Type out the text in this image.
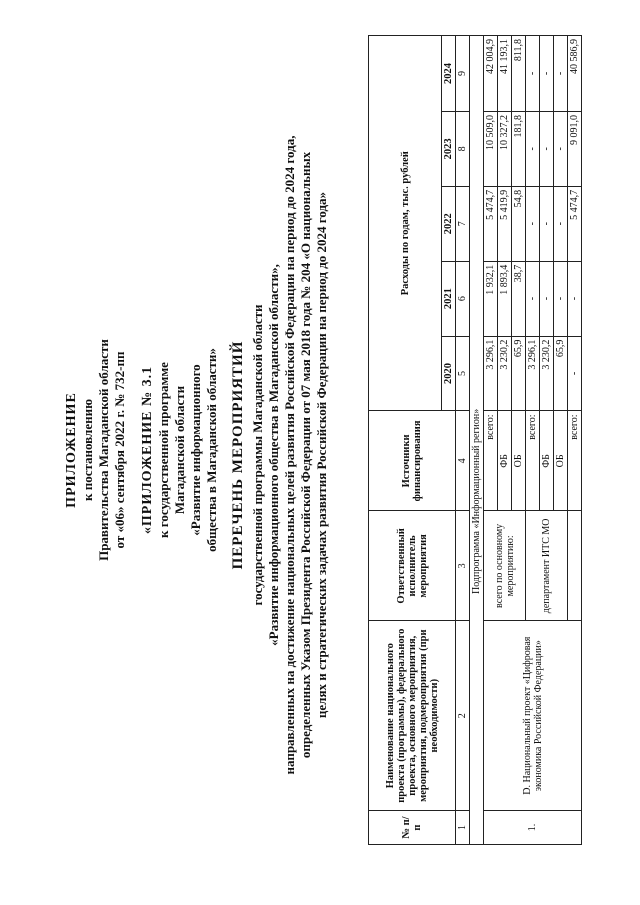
ПРИЛОЖЕНИЕ к постановлению Правительства Магаданской области от «06» сентября 2022 г. № 732-пп «ПРИЛОЖЕНИЕ № 3.1 к государственной программе Магаданской области «Развитие информационного общества в Магаданской области» ПЕРЕЧЕНЬ МЕРОПРИЯТИЙ государственной программы Магаданской области «Развитие информационного общества в Магаданской области», направленных на достижение национальных целей развития Российской Федерации на период до 2024 года, определенных Указом Президента Российской Федерации от 07 мая 2018 года № 204 «О национальных целях и стратегических задачах развития Российской Федерации на период до 2024 года»
№ п/п	Наименование национального проекта (программы), федерального проекта, основного мероприятия, мероприятия, подмероприятия (при необходимости)	Ответственный исполнитель мероприятия	Источники финансирования	Расходы по годам, тыс. рублей				
				2020	2021	2022	2023	2024
1	2	3	4	5	6	7	8	9
Подпрограмма «Информационный регион»								
1.	D. Национальный проект «Цифровая экономика Российской Федерации»	всего по основному мероприятию:	всего:	3 296,1	1 932,1	5 474,7	10 509,0	42 004,9
			ФБ	3 230,2	1 893,4	5 419,9	10 327,2	41 193,1
			ОБ	65,9	38,7	54,8	181,8	811,8
		департамент ИТС МО	всего:	3 296,1	-	-	-	-
			ФБ	3 230,2	-	-	-	-
			ОБ	65,9	-	-	-	-
			всего:	-	-	5 474,7	9 091,0	40 586,9
